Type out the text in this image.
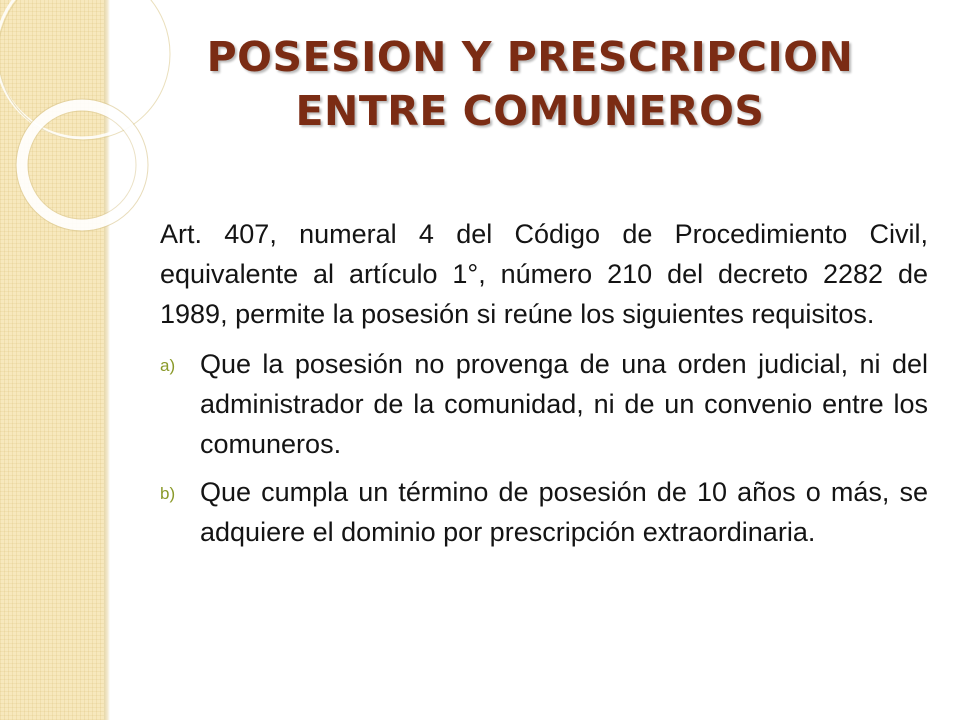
POSESION Y PRESCRIPCION
ENTRE COMUNEROS

Art. 407, numeral 4 del Código de Procedimiento Civil, equivalente al artículo 1°, número 210 del decreto 2282 de 1989, permite la posesión si reúne los siguientes requisitos.

a) Que la posesión no provenga de una orden judicial, ni del administrador de la comunidad, ni de un convenio entre los comuneros.
b) Que cumpla un término de posesión de 10 años o más, se adquiere el dominio por prescripción extraordinaria.
